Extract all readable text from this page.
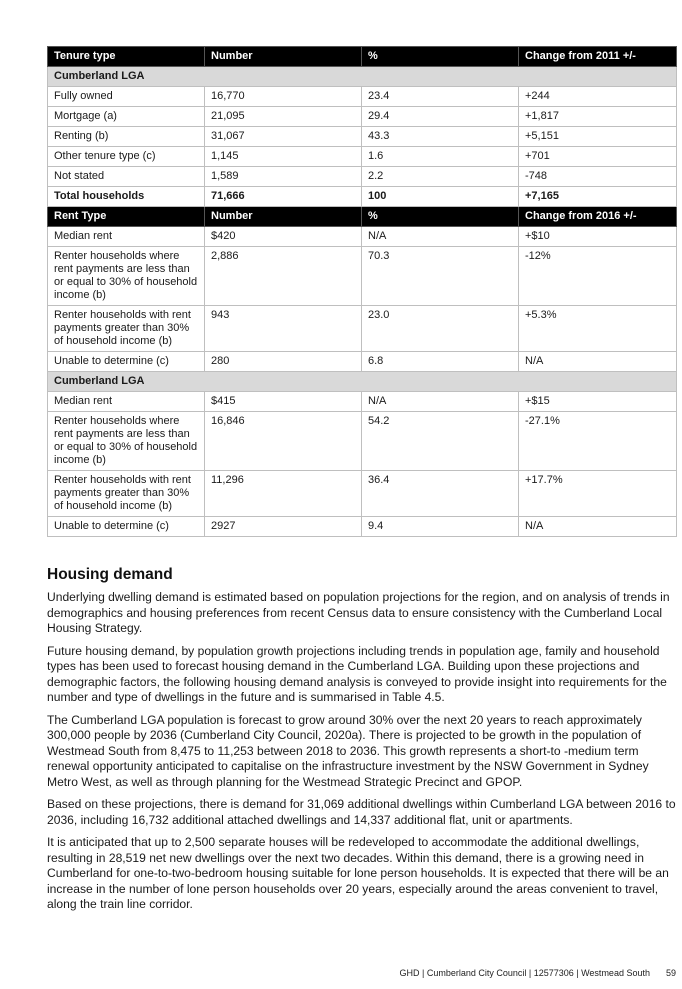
Tenure type	Number	%	Change from 2011 +/-
Cumberland LGA			
Fully owned	16,770	23.4	+244
Mortgage (a)	21,095	29.4	+1,817
Renting (b)	31,067	43.3	+5,151
Other tenure type (c)	1,145	1.6	+701
Not stated	1,589	2.2	-748
Total households	71,666	100	+7,165
Rent Type	Number	%	Change from 2016 +/-
Median rent	$420	N/A	+$10
Renter households where rent payments are less than or equal to 30% of household income (b)	2,886	70.3	-12%
Renter households with rent payments greater than 30% of household income (b)	943	23.0	+5.3%
Unable to determine (c)	280	6.8	N/A
Cumberland LGA			
Median rent	$415	N/A	+$15
Renter households where rent payments are less than or equal to 30% of household income (b)	16,846	54.2	-27.1%
Renter households with rent payments greater than 30% of household income (b)	11,296	36.4	+17.7%
Unable to determine (c)	2927	9.4	N/A
Housing demand

Underlying dwelling demand is estimated based on population projections for the region, and on analysis of trends in demographics and housing preferences from recent Census data to ensure consistency with the Cumberland Local Housing Strategy.

Future housing demand, by population growth projections including trends in population age, family and household types has been used to forecast housing demand in the Cumberland LGA. Building upon these projections and demographic factors, the following housing demand analysis is conveyed to provide insight into requirements for the number and type of dwellings in the future and is summarised in Table 4.5.

The Cumberland LGA population is forecast to grow around 30% over the next 20 years to reach approximately 300,000 people by 2036 (Cumberland City Council, 2020a). There is projected to be growth in the population of Westmead South from 8,475 to 11,253 between 2018 to 2036. This growth represents a short-to -medium term renewal opportunity anticipated to capitalise on the infrastructure investment by the NSW Government in Sydney Metro West, as well as through planning for the Westmead Strategic Precinct and GPOP.

Based on these projections, there is demand for 31,069 additional dwellings within Cumberland LGA between 2016 to 2036, including 16,732 additional attached dwellings and 14,337 additional flat, unit or apartments.

It is anticipated that up to 2,500 separate houses will be redeveloped to accommodate the additional dwellings, resulting in 28,519 net new dwellings over the next two decades. Within this demand, there is a growing need in Cumberland for one-to-two-bedroom housing suitable for lone person households. It is expected that there will be an increase in the number of lone person households over 20 years, especially around the areas convenient to travel, along the train line corridor.

GHD | Cumberland City Council | 12577306 | Westmead South 59
